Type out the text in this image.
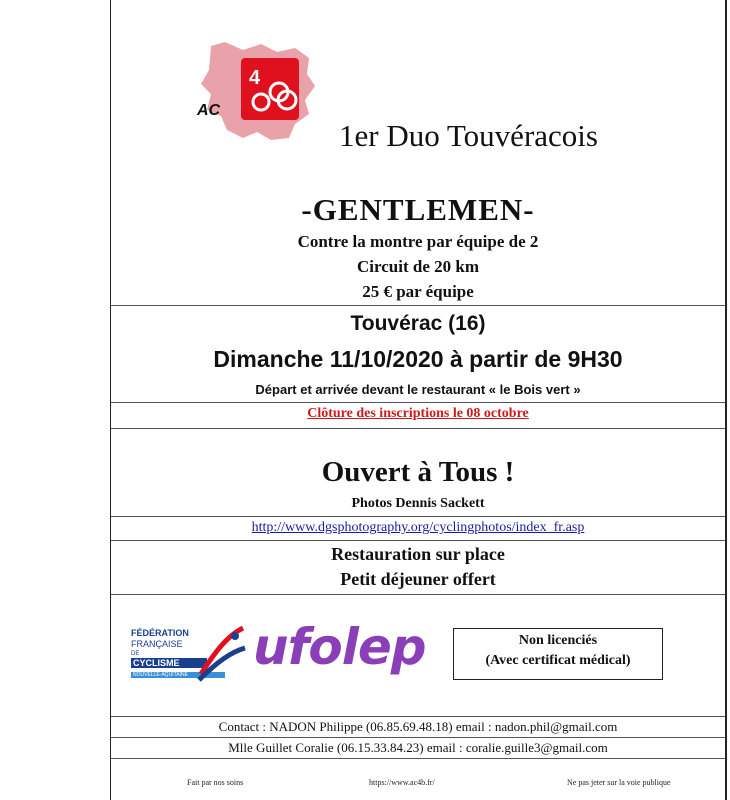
4
AC
1er Duo Touvéracois
-GENTLEMEN-
Contre la montre par équipe de 2
Circuit de 20 km
25 € par équipe
Touvérac (16)
Dimanche 11/10/2020 à partir de 9H30
Départ et arrivée devant le restaurant « le Bois vert »
Clôture des inscriptions le 08 octobre
Ouvert à Tous !
Photos Dennis Sackett
http://www.dgsphotography.org/cyclingphotos/index_fr.asp
Restauration sur place
Petit déjeuner offert
FÉDÉRATION
FRANÇAISE
DE
CYCLISME
NOUVELLE-AQUITAINE	ufolep	Non licenciés
(Avec certificat médical)
Contact : NADON Philippe (06.85.69.48.18) email : nadon.phil@gmail.com
Mlle Guillet Coralie (06.15.33.84.23) email : coralie.guille3@gmail.com
Fait par nos soins	https://www.ac4b.fr/	Ne pas jeter sur la voie publique
